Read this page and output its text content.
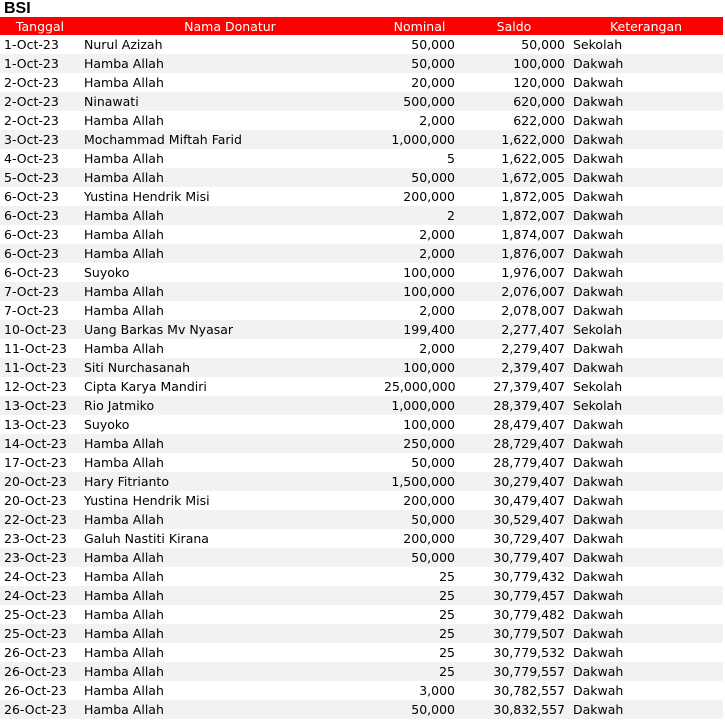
BSI
Tanggal	Nama Donatur	Nominal	Saldo	Keterangan
1-Oct-23	Nurul Azizah	50,000	50,000	Sekolah
1-Oct-23	Hamba Allah	50,000	100,000	Dakwah
2-Oct-23	Hamba Allah	20,000	120,000	Dakwah
2-Oct-23	Ninawati	500,000	620,000	Dakwah
2-Oct-23	Hamba Allah	2,000	622,000	Dakwah
3-Oct-23	Mochammad Miftah Farid	1,000,000	1,622,000	Dakwah
4-Oct-23	Hamba Allah	5	1,622,005	Dakwah
5-Oct-23	Hamba Allah	50,000	1,672,005	Dakwah
6-Oct-23	Yustina Hendrik Misi	200,000	1,872,005	Dakwah
6-Oct-23	Hamba Allah	2	1,872,007	Dakwah
6-Oct-23	Hamba Allah	2,000	1,874,007	Dakwah
6-Oct-23	Hamba Allah	2,000	1,876,007	Dakwah
6-Oct-23	Suyoko	100,000	1,976,007	Dakwah
7-Oct-23	Hamba Allah	100,000	2,076,007	Dakwah
7-Oct-23	Hamba Allah	2,000	2,078,007	Dakwah
10-Oct-23	Uang Barkas Mv Nyasar	199,400	2,277,407	Sekolah
11-Oct-23	Hamba Allah	2,000	2,279,407	Dakwah
11-Oct-23	Siti Nurchasanah	100,000	2,379,407	Dakwah
12-Oct-23	Cipta Karya Mandiri	25,000,000	27,379,407	Sekolah
13-Oct-23	Rio Jatmiko	1,000,000	28,379,407	Sekolah
13-Oct-23	Suyoko	100,000	28,479,407	Dakwah
14-Oct-23	Hamba Allah	250,000	28,729,407	Dakwah
17-Oct-23	Hamba Allah	50,000	28,779,407	Dakwah
20-Oct-23	Hary Fitrianto	1,500,000	30,279,407	Dakwah
20-Oct-23	Yustina Hendrik Misi	200,000	30,479,407	Dakwah
22-Oct-23	Hamba Allah	50,000	30,529,407	Dakwah
23-Oct-23	Galuh Nastiti Kirana	200,000	30,729,407	Dakwah
23-Oct-23	Hamba Allah	50,000	30,779,407	Dakwah
24-Oct-23	Hamba Allah	25	30,779,432	Dakwah
24-Oct-23	Hamba Allah	25	30,779,457	Dakwah
25-Oct-23	Hamba Allah	25	30,779,482	Dakwah
25-Oct-23	Hamba Allah	25	30,779,507	Dakwah
26-Oct-23	Hamba Allah	25	30,779,532	Dakwah
26-Oct-23	Hamba Allah	25	30,779,557	Dakwah
26-Oct-23	Hamba Allah	3,000	30,782,557	Dakwah
26-Oct-23	Hamba Allah	50,000	30,832,557	Dakwah
